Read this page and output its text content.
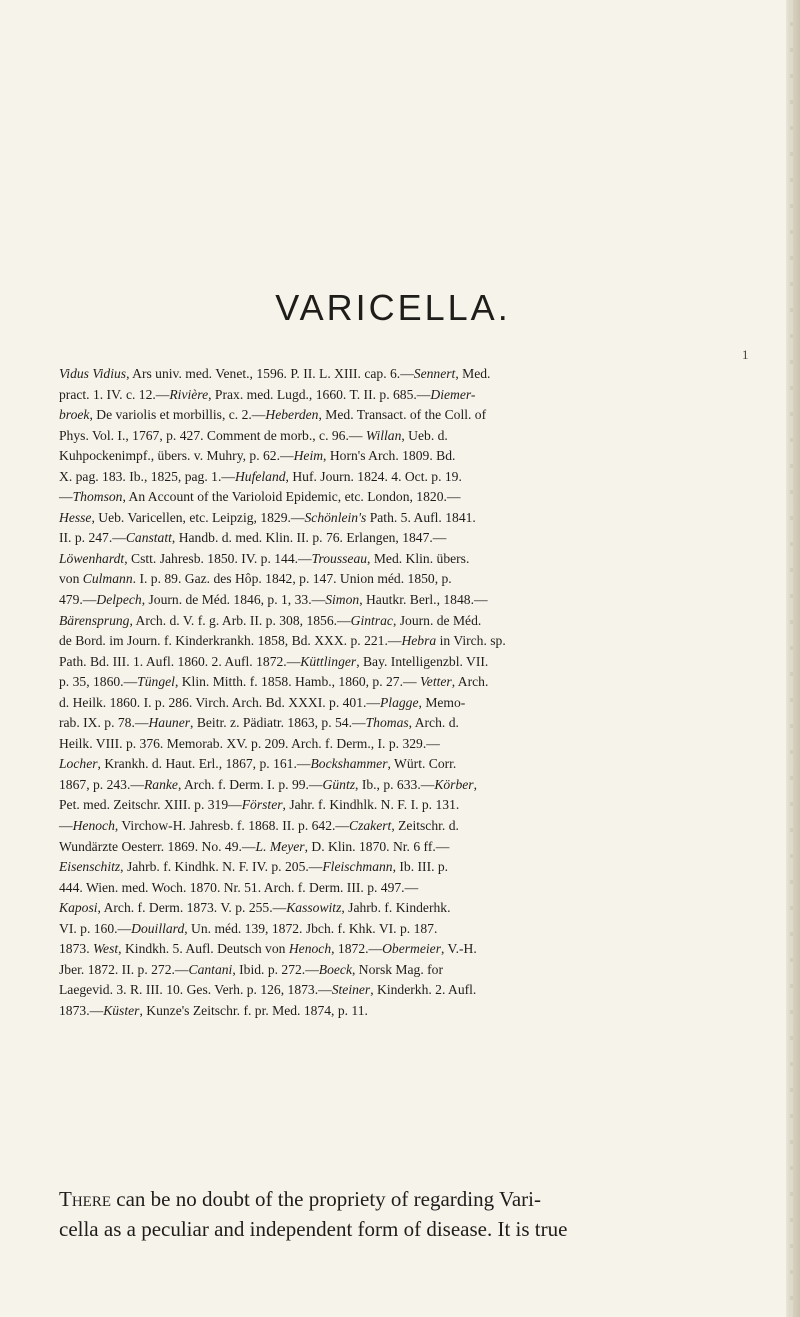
VARICELLA.
1
Vidus Vidius, Ars univ. med. Venet., 1596. P. II. L. XIII. cap. 6.—Sennert, Med.
pract. 1. IV. c. 12.—Rivière, Prax. med. Lugd., 1660. T. II. p. 685.—Diemer-
broek, De variolis et morbillis, c. 2.—Heberden, Med. Transact. of the Coll. of
Phys. Vol. I., 1767, p. 427. Comment de morb., c. 96.— Willan, Ueb. d.
Kuhpockenimpf., übers. v. Muhry, p. 62.—Heim, Horn's Arch. 1809. Bd.
X. pag. 183. Ib., 1825, pag. 1.—Hufeland, Huf. Journ. 1824. 4. Oct. p. 19.
—Thomson, An Account of the Varioloid Epidemic, etc. London, 1820.—
Hesse, Ueb. Varicellen, etc. Leipzig, 1829.—Schönlein's Path. 5. Aufl. 1841.
II. p. 247.—Canstatt, Handb. d. med. Klin. II. p. 76. Erlangen, 1847.—
Löwenhardt, Cstt. Jahresb. 1850. IV. p. 144.—Trousseau, Med. Klin. übers.
von Culmann. I. p. 89. Gaz. des Hôp. 1842, p. 147. Union méd. 1850, p.
479.—Delpech, Journ. de Méd. 1846, p. 1, 33.—Simon, Hautkr. Berl., 1848.—
Bärensprung, Arch. d. V. f. g. Arb. II. p. 308, 1856.—Gintrac, Journ. de Méd.
de Bord. im Journ. f. Kinderkrankh. 1858, Bd. XXX. p. 221.—Hebra in Virch. sp.
Path. Bd. III. 1. Aufl. 1860. 2. Aufl. 1872.—Küttlinger, Bay. Intelligenzbl. VII.
p. 35, 1860.—Tüngel, Klin. Mitth. f. 1858. Hamb., 1860, p. 27.— Vetter, Arch.
d. Heilk. 1860. I. p. 286. Virch. Arch. Bd. XXXI. p. 401.—Plagge, Memo-
rab. IX. p. 78.—Hauner, Beitr. z. Pädiatr. 1863, p. 54.—Thomas, Arch. d.
Heilk. VIII. p. 376. Memorab. XV. p. 209. Arch. f. Derm., I. p. 329.—
Locher, Krankh. d. Haut. Erl., 1867, p. 161.—Bockshammer, Würt. Corr.
1867, p. 243.—Ranke, Arch. f. Derm. I. p. 99.—Güntz, Ib., p. 633.—Körber,
Pet. med. Zeitschr. XIII. p. 319—Förster, Jahr. f. Kindhlk. N. F. I. p. 131.
—Henoch, Virchow-H. Jahresb. f. 1868. II. p. 642.—Czakert, Zeitschr. d.
Wundärzte Oesterr. 1869. No. 49.—L. Meyer, D. Klin. 1870. Nr. 6 ff.—
Eisenschitz, Jahrb. f. Kindhk. N. F. IV. p. 205.—Fleischmann, Ib. III. p.
444. Wien. med. Woch. 1870. Nr. 51. Arch. f. Derm. III. p. 497.—
Kaposi, Arch. f. Derm. 1873. V. p. 255.—Kassowitz, Jahrb. f. Kinderhk.
VI. p. 160.—Douillard, Un. méd. 139, 1872. Jbch. f. Khk. VI. p. 187.
1873. West, Kindkh. 5. Aufl. Deutsch von Henoch, 1872.—Obermeier, V.-H.
Jber. 1872. II. p. 272.—Cantani, Ibid. p. 272.—Boeck, Norsk Mag. for
Laegevid. 3. R. III. 10. Ges. Verh. p. 126, 1873.—Steiner, Kinderkh. 2. Aufl.
1873.—Küster, Kunze's Zeitschr. f. pr. Med. 1874, p. 11.
There can be no doubt of the propriety of regarding Vari-
cella as a peculiar and independent form of disease. It is true
